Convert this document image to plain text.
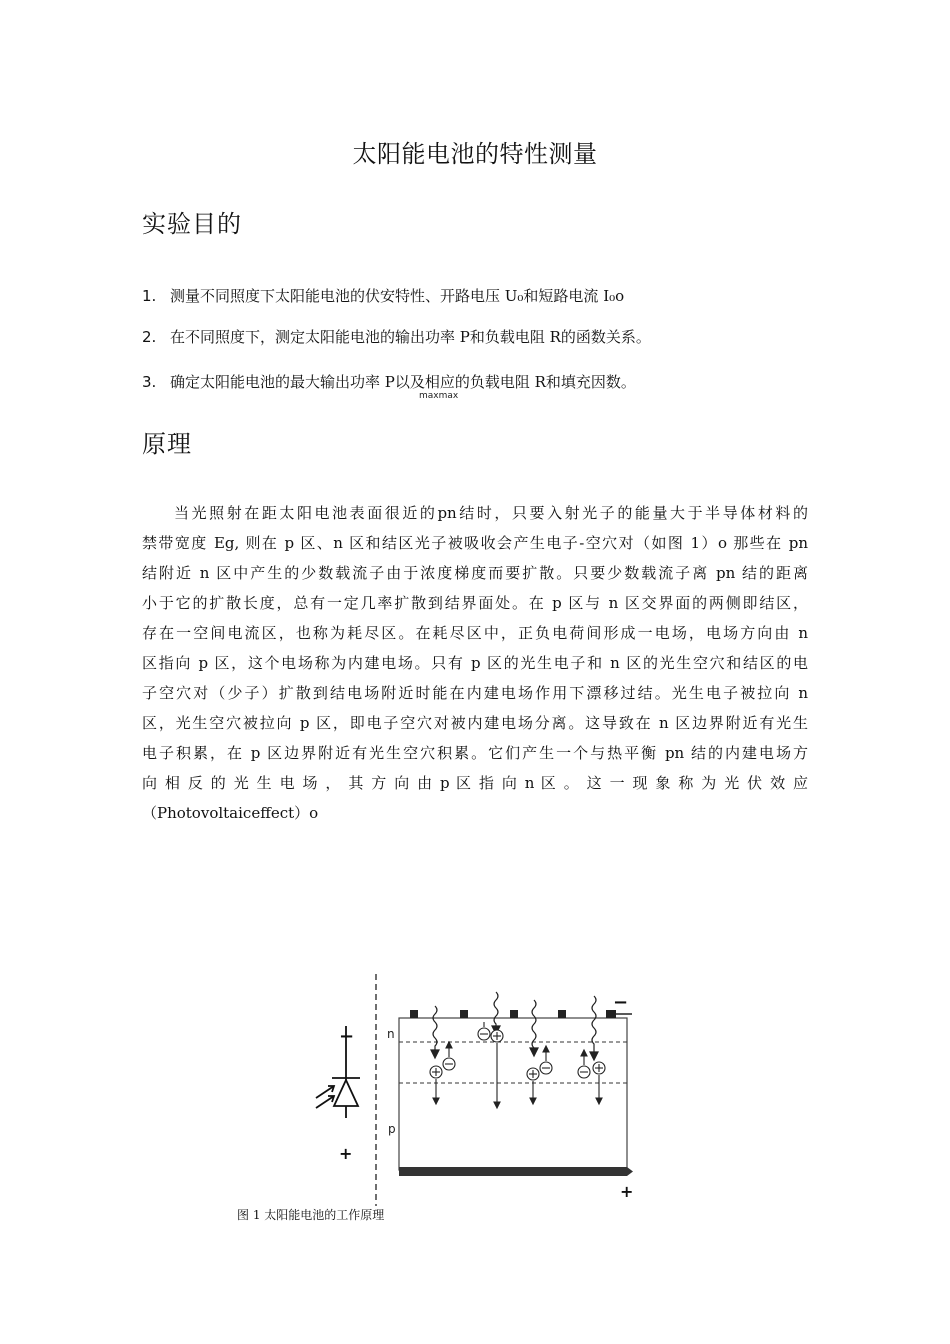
太阳能电池的特性测量
实验目的
1. 测量不同照度下太阳能电池的伏安特性、开路电压 U₀和短路电流 I₀o
2. 在不同照度下，测定太阳能电池的输出功率 P和负载电阻 R的函数关系。
3. 确定太阳能电池的最大输出功率 P以及相应的负载电阻 R和填充因数。
maxmax
原理
当光照射在距太阳电池表面很近的pn结时，只要入射光子的能量大于半导体材料的
禁带宽度 Eg, 则在 p 区、n 区和结区光子被吸收会产生电子-空穴对（如图 1）o 那些在 pn
结附近 n 区中产生的少数载流子由于浓度梯度而要扩散。只要少数载流子离 pn 结的距离
小于它的扩散长度，总有一定几率扩散到结界面处。在 p 区与 n 区交界面的两侧即结区，
存在一空间电流区，也称为耗尽区。在耗尽区中，正负电荷间形成一电场，电场方向由 n
区指向 p 区，这个电场称为内建电场。只有 p 区的光生电子和 n 区的光生空穴和结区的电
子空穴对（少子）扩散到结电场附近时能在内建电场作用下漂移过结。光生电子被拉向 n
区，光生空穴被拉向 p 区，即电子空穴对被内建电场分离。这导致在 n 区边界附近有光生
电子积累，在 p 区边界附近有光生空穴积累。它们产生一个与热平衡 pn 结的内建电场方
向 相 反 的 光 生 电 场 ， 其 方 向 由 p 区 指 向 n 区 。 这 一 现 象 称 为 光 伏 效 应
（Photovoltaiceffect）o
−
+
−
+
n
p
图 1 太阳能电池的工作原理
